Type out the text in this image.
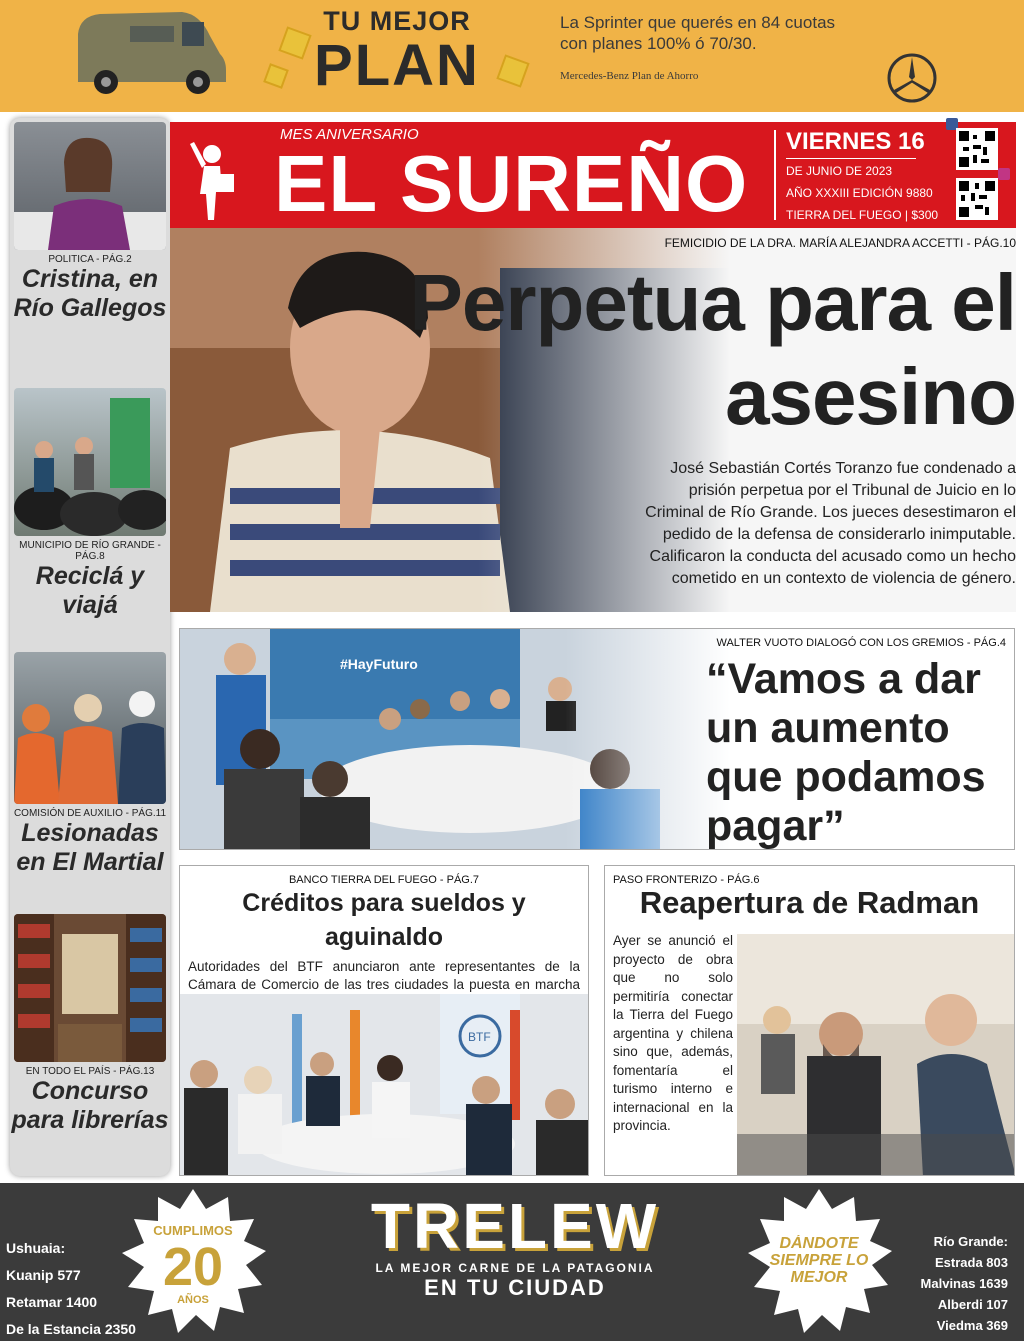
TU MEJOR
PLAN
La Sprinter que querés en 84 cuotas
con planes 100% ó 70/30.
Mercedes-Benz Plan de Ahorro
POLITICA - PÁG.2
Cristina, en Río Gallegos
MUNICIPIO DE RÍO GRANDE - PÁG.8
Reciclá y viajá
COMISIÓN DE AUXILIO - PÁG.11
Lesionadas en El Martial
EN TODO EL PAÍS - PÁG.13
Concurso para librerías
MES ANIVERSARIO
EL SUREÑO VIERNES 16
DE JUNIO DE 2023
AÑO XXXIII EDICIÓN 9880
TIERRA DEL FUEGO | $300
FEMICIDIO DE LA DRA. MARÍA ALEJANDRA ACCETTI - PÁG.10
Perpetua para el asesino
José Sebastián Cortés Toranzo fue condenado a prisión perpetua por el Tribunal de Juicio en lo Criminal de Río Grande. Los jueces desestimaron el pedido de la defensa de considerarlo inimputable. Calificaron la conducta del acusado como un hecho cometido en un contexto de violencia de género.
WALTER VUOTO DIALOGÓ CON LOS GREMIOS - PÁG.4
“Vamos a dar un aumento que podamos pagar”
BANCO TIERRA DEL FUEGO - PÁG.7
Créditos para sueldos y aguinaldo
Autoridades del BTF anunciaron ante representantes de la Cámara de Comercio de las tres ciudades la puesta en marcha
BTF
PASO FRONTERIZO - PÁG.6
Reapertura de Radman
Ayer se anunció el proyecto de obra que no solo permitiría conectar la Tierra del Fuego argentina y chilena sino que, además, fomentaría el turismo interno e internacional en la provincia.
Ushuaia:
Kuanip 577
Retamar 1400
De la Estancia 2350
CUMPLIMOS
20
AÑOS
TRELEW
LA MEJOR CARNE DE LA PATAGONIA
EN TU CIUDAD
DÁNDOTE SIEMPRE LO MEJOR
Río Grande:
Estrada 803
Malvinas 1639
Alberdi 107
Viedma 369
